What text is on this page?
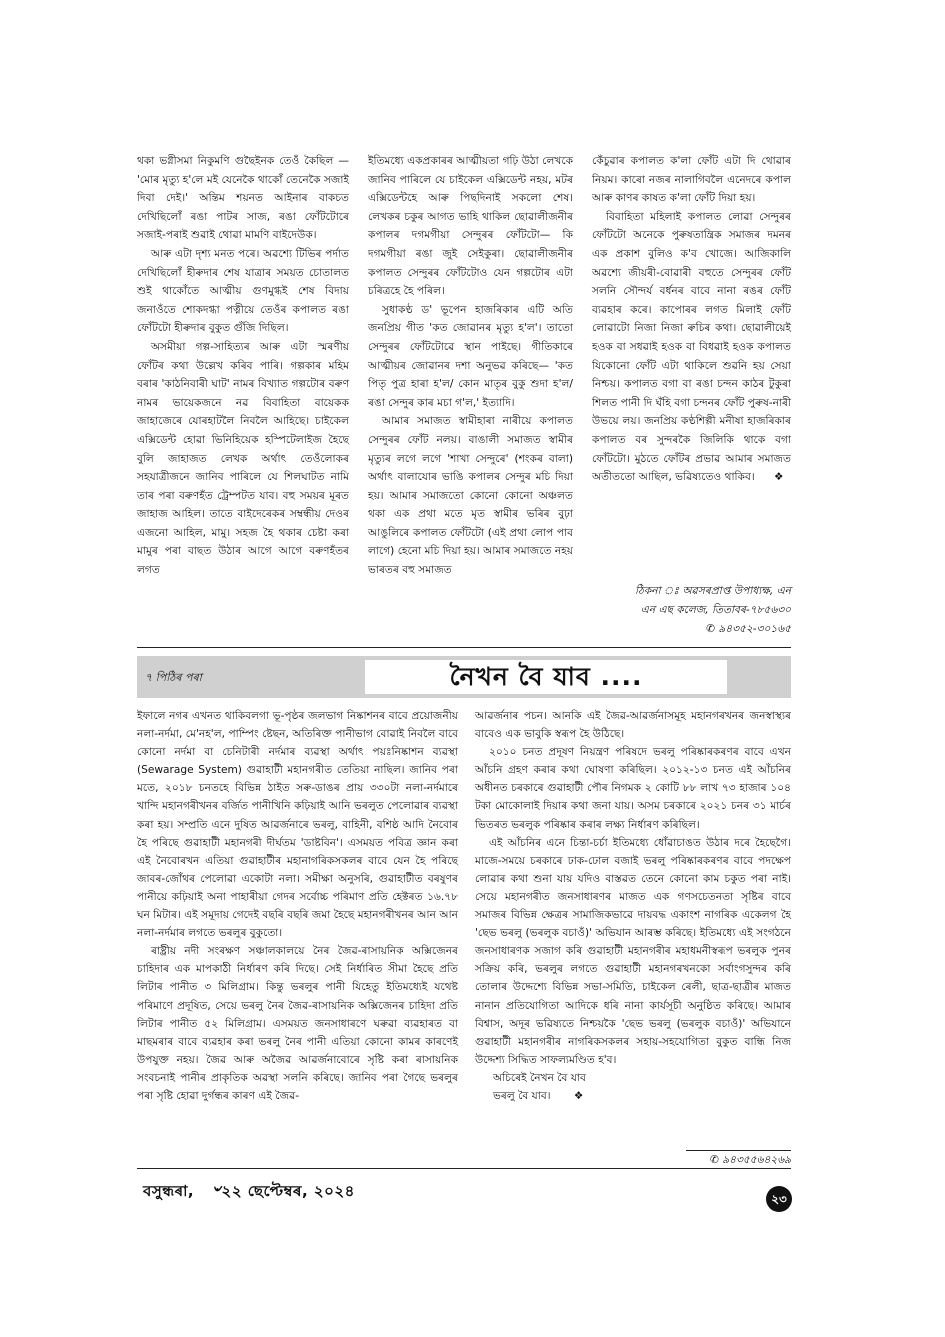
থকা ভগ্নীসমা নিকুমণি গুছৈইনক তেওঁ কৈছিল — 'মোৰ মৃত্যু হ'লে মই যেনেকৈ থাকোঁ তেনেকৈ সজাই দিবা দেই।' অন্তিম শয়নত আইনাৰ বাকচত দেখিছিলোঁ ৰঙা পাটৰ সাজ, ৰঙা ফোঁটটোৰে সজাই-পৰাই শুৱাই থোৱা মামণি বাইদেউক।

আৰু এটা দৃশ্য মনত পৰে। অৱশ্যে টিভিৰ পৰ্দাত দেখিছিলোঁ হীৰুদাৰ শেষ যাত্ৰাৰ সময়ত চোতালত শুই থাকোঁতে আত্মীয় গুণমুগ্ধই শেষ বিদায় জনাওঁতে শোকদগ্ধা পত্নীয়ে তেওঁৰ কপালত ৰঙা ফোঁটটো হীৰুদাৰ বুকুত গুঁজি দিছিল।

অসমীয়া গল্প-সাহিত্যৰ আৰু এটা স্মৰণীয় ফোঁটৰ কথা উল্লেখ কৰিব পাৰি। গল্পকাৰ মহিম বৰাৰ 'কাঠনিবাৰী ঘাট' নামৰ বিখ্যাত গল্পটোৰ বৰুণ নামৰ ভায়েকজনে নৱ বিবাহিতা বায়েকক জাহাজেৰে যোৰহাটলৈ নিবলৈ আহিছে। চাইকেল এক্সিডেন্ট হোৱা ভিনিহিয়েক হস্পিটেলাইজ হৈছে বুলি জাহাজত লেখক অৰ্থাৎ তেওঁলোকৰ সহযাত্ৰীজনে জানিব পাৰিলে যে শিলঘাটত নামি তাৰ পৰা বৰুণহঁত ট্ৰেম্পটত যাব। বহু সময়ৰ মূৰত জাহাজ আহিল। তাতে বাইদেৰেকৰ সম্বন্ধীয় দেওৰ এজনো আহিল, মামু। সহজ হৈ থকাৰ চেষ্টা কৰা মামুৰ পৰা বাছত উঠাৰ আগে আগে বৰুণহঁতৰ লগত

ইতিমধ্যে একপ্ৰকাৰৰ আত্মীয়তা গঢ়ি উঠা লেখকে জানিব পাৰিলে যে চাইকেল এক্সিডেন্ট নহয়, মটৰ এক্সিডেন্টহে আৰু পিছদিনাই সকলো শেষ। লেখকৰ চকুৰ আগত ভাহি থাকিল ছোৱালীজনীৰ কপালৰ দগমগীয়া সেন্দুৰৰ ফোঁটটো— কি দগমগীয়া ৰঙা জুই সেইকুৰা। ছোৱালীজনীৰ কপালত সেন্দুৰৰ ফোঁটটোও যেন গল্পটোৰ এটা চৰিত্ৰহে হৈ পৰিল।

সুধাকণ্ঠ ড' ভূপেন হাজৰিকাৰ এটি অতি জনপ্ৰিয় গীত 'কত জোৱানৰ মৃত্যু হ'ল'। তাতো সেন্দুৰৰ ফোঁটটোৱে স্থান পাইছে। গীতিকাৰে আত্মীয়ৰ জোৱানৰ দশা অনুভৱ কৰিছে— 'কত পিতৃ পুত্ৰ হাৰা হ'ল/ কোন মাতৃৰ বুকু শুদা হ'ল/ ৰঙা সেন্দুৰ কাৰ মচা গ'ল,' ইত্যাদি।

আমাৰ সমাজত স্বামীহাৰা নাৰীয়ে কপালত সেন্দুৰৰ ফোঁট নলয়। বাঙালী সমাজত স্বামীৰ মৃত্যুৰ লগে লগে 'শাখা সেন্দুৰে' (শংকৰ বালা) অৰ্থাৎ বালাযোৰ ভাঙি কপালৰ সেন্দুৰ মচি দিয়া হয়। আমাৰ সমাজতো কোনো কোনো অঞ্চলত থকা এক প্ৰথা মতে মৃত স্বামীৰ ভৰিৰ বুঢ়া আঙুলিৰে কপালত ফোঁটটো (এই প্ৰথা লোপ পাব লাগে) হেনো মচি দিয়া হয়। আমাৰ সমাজতে নহয় ভাৰতৰ বহু সমাজত

কেঁচুৱাৰ কপালত ক'লা ফোঁট এটা দি থোৱাৰ নিয়ম। কাৰো নজৰ নালাগিবলৈ এনেদৰে কপাল আৰু কাণৰ কাষত ক'লা ফোঁট দিয়া হয়।

বিবাহিতা মহিলাই কপালত লোৱা সেন্দুৰৰ ফোঁটটো অনেকে পুৰুষতান্ত্ৰিক সমাজৰ দমনৰ এক প্ৰকাশ বুলিও ক'ব খোজে। আজিকালি অৱশ্যে জীয়ৰী-বোৱাৰী বহুতে সেন্দুৰৰ ফোঁট সলনি সৌন্দৰ্য বৰ্ধনৰ বাবে নানা ৰঙৰ ফোঁট ব্যৱহাৰ কৰে। কাপোৰৰ লগত মিলাই ফোঁট লোৱাটো নিজা নিজা ৰুচিৰ কথা। ছোৱালীয়েই হওক বা সধৱাই হওক বা বিধৱাই হওক কপালত যিকোনো ফোঁট এটা থাকিলে শুৱনি হয় সেয়া নিশ্চয়। কপালত বগা বা ৰঙা চন্দন কাঠৰ টুকুৰা শিলত পানী দি ঘঁহি বগা চন্দনৰ ফোঁট পুৰুষ-নাৰী উভয়ে লয়। জনপ্ৰিয় কণ্ঠশিল্পী মনীষা হাজৰিকাৰ কপালত বৰ সুন্দৰকৈ জিলিকি থাকে বগা ফোঁটটো। মুঠতে ফোঁটৰ প্ৰভাৱ আমাৰ সমাজত অতীততো আছিল, ভৱিষ্যতেও থাকিব। ❖

ঠিকনা ঃ অৱসৰপ্ৰাপ্ত উপাধ্যক্ষ, এন
এন এছ কলেজ, তিতাবৰ-৭৮৫৬৩০
✆ ৯৪৩৫২-৩০১৬৫
৭ পিঠিৰ পৰা	নৈখন বৈ যাব ....

ইফালে নগৰ এখনত থাকিবলগা ভূ-পৃষ্ঠৰ জলভাগ নিষ্কাশনৰ বাবে প্ৰয়োজনীয় নলা-নৰ্দমা, মে'নহ'ল, পাম্পিং ষ্টেছন, অতিৰিক্ত পানীভাগ বোৱাই নিবলৈ বাবে কোনো নৰ্দমা বা চেনিটাৰী নৰ্দমাৰ ব্যৱস্থা অৰ্থাৎ পয়ঃনিষ্কাশন ব্যৱস্থা (Sewarage System) গুৱাহাটী মহানগৰীত তেতিয়া নাছিল। জানিব পৰা মতে, ২০১৮ চনতহে বিভিন্ন ঠাইত সৰু-ডাঙৰ প্ৰায় ৩৩০টা নলা-নৰ্দমাৰে খান্দি মহানগৰীখনৰ বৰ্জিত পানীখিনি কঢ়িয়াই আনি ভৰলুত পেলোৱাৰ ব্যৱস্থা কৰা হয়। সম্প্ৰতি এনে দুষিত আৱৰ্জনাৰে ভৰলু, বাহিনী, বশিষ্ঠ আদি নৈবোৰ হৈ পৰিছে গুৱাহাটী মহানগৰী দীৰ্ঘতম 'ডাষ্টবিন'। এসময়ত পবিত্ৰ জ্ঞান কৰা এই নৈবোৰখন এতিয়া গুৱাহাটীৰ মহানাগৰিকসকলৰ বাবে যেন হৈ পৰিছে জাবৰ-জোঁথৰ পেলোৱা একোটা নলা। সমীক্ষা অনুসৰি, গুৱাহাটীত বৰষুণৰ পানীয়ে কঢ়িয়াই অনা পাহাৰীয়া গেদৰ সৰ্বোচ্চ পৰিমাণ প্ৰতি হেক্টৰত ১৬.৭৮ ঘন মিটাৰ। এই সমূদায় গেদেই বছৰি বছৰি জমা হৈছে মহানগৰীখনৰ আন আন নলা-নৰ্দমাৰ লগতে ভৰলুৰ বুকুতো।

ৰাষ্ট্ৰীয় নদী সংৰক্ষণ সঞ্চালকালয়ে নৈৰ জৈৱ-ৰাসায়নিক অক্সিজেনৰ চাহিদাৰ এক মাপকাঠী নিৰ্ধাৰণ কৰি দিছে। সেই নিৰ্ধাৰিত সীমা হৈছে প্ৰতি লিটাৰ পানীত ৩ মিলিগ্ৰাম। কিন্তু ভৰলুৰ পানী যিহেতু ইতিমধ্যেই যথেষ্ট পৰিমাণে প্ৰদূষিত, সেয়ে ভৰলু নৈৰ জৈৱ-ৰাসায়নিক অক্সিজেনৰ চাহিদা প্ৰতি লিটাৰ পানীত ৫২ মিলিগ্ৰাম। এসময়ত জনসাধাৰণে ঘৰুৱা ব্যৱহাৰত বা মাছমৰাৰ বাবে ব্যৱহাৰ কৰা ভৰলু নৈৰ পানী এতিয়া কোনো কামৰ কাৰণেই উপযুক্ত নহয়। জৈৱ আৰু অজৈৱ আৱৰ্জনাবোৰে সৃষ্টি কৰা ৰাসায়নিক সংবচনাই পানীৰ প্ৰাকৃতিক অৱস্থা সলনি কৰিছে। জানিব পৰা গৈছে ভৰলুৰ পৰা সৃষ্টি হোৱা দুৰ্গন্ধৰ কাৰণ এই জৈৱ-

আৱৰ্জনাৰ পচন। আনকি এই জৈৱ-আৱৰ্জনাসমূহ মহানগৰখনৰ জনস্বাস্থ্যৰ বাবেও এক ভাবুকি স্বৰূপ হৈ উঠিছে।

২০১০ চনত প্ৰদূষণ নিয়ন্ত্ৰণ পৰিষদে ভৰলু পৰিষ্কাৰকৰণৰ বাবে এখন আঁচনি গ্ৰহণ কৰাৰ কথা ঘোষণা কৰিছিল। ২০১২-১৩ চনত এই আঁচনিৰ অধীনত চৰকাৰে গুৱাহাটী পৌৰ নিগমক ২ কোটি ৮৮ লাখ ৭৩ হাজাৰ ১০৪ টকা মোকোলাই দিয়াৰ কথা জনা যায়। অসম চৰকাৰে ২০২১ চনৰ ৩১ মাৰ্চৰ ভিতৰত ভৰলুক পৰিষ্কাৰ কৰাৰ লক্ষ্য নিৰ্ধাৰণ কৰিছিল।

এই আঁচনিৰ এনে চিন্তা-চৰ্চা ইতিমধ্যে ধোঁৱাচাঙত উঠাৰ দৰে হৈছেগৈ। মাজে-সময়ে চৰকাৰে ঢাক-ঢোল বজাই ভৰলু পৰিষ্কাৰকৰণৰ বাবে পদক্ষেপ লোৱাৰ কথা শুনা যায় যদিও বাস্তৱত তেনে কোনো কাম চকুত পৰা নাই। সেয়ে মহানগৰীত জনসাধাৰণৰ মাজত এক গণসচেতনতা সৃষ্টিৰ বাবে সমাজৰ বিভিন্ন ক্ষেত্ৰৰ সামাজিকভাৱে দায়বদ্ধ একাংশ নাগৰিক একেলগ হৈ 'ছেভ ভৰলু (ভৰলুক বচাওঁ)' অভিযান আৰম্ভ কৰিছে। ইতিমধ্যে এই সংগঠনে জনসাধাৰণক সজাগ কৰি গুৱাহাটী মহানগৰীৰ মহাধমনীস্বৰূপ ভৰলুক পুনৰ সক্ৰিয় কৰি, ভৰলুৰ লগতে গুৱাহাটী মহানগৰখনকো সৰ্বাংগসুন্দৰ কৰি তোলাৰ উদ্দেশ্যে বিভিন্ন সভা-সমিতি, চাইকেল ৰেলী, ছাত্ৰ-ছাত্ৰীৰ মাজত নানান প্ৰতিযোগিতা আদিকে ধৰি নানা কাৰ্যসূচী অনুষ্ঠিত কৰিছে। আমাৰ বিশ্বাস, অদূৰ ভৱিষ্যতে নিশ্চয়কৈ 'ছেভ ভৰলু (ভৰলুক বচাওঁ)' অভিযানে গুৱাহাটী মহানগৰীৰ নাগৰিকসকলৰ সহায়-সহযোগিতা বুকুত বান্ধি নিজ উদ্দেশ্য সিদ্ধিত সাফল্যমণ্ডিত হ'ব।

অচিৰেই নৈখন বৈ যাব

ভৰলু বৈ যাব। ❖

✆ ৯৪৩৫৫৬৪২৬৯
বসুন্ধৰা, ৺২২ ছেপ্টেম্বৰ, ২০২৪	২৩
